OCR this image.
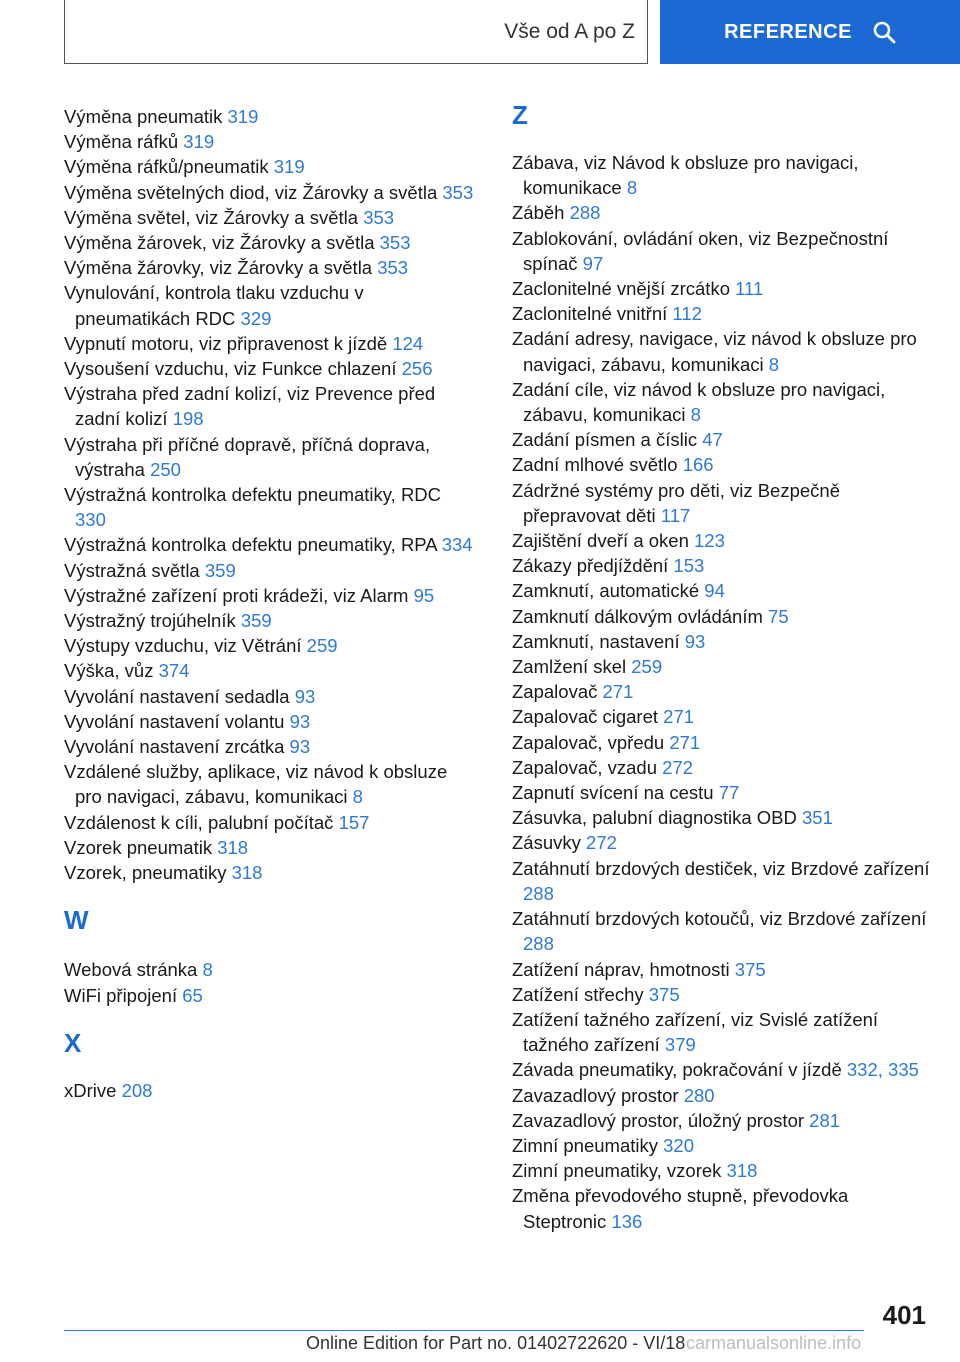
Vše od A po Z	REFERENCE
Výměna pneumatik 319
Výměna ráfků 319
Výměna ráfků/pneumatik 319
Výměna světelných diod, viz Žárovky a světla 353
Výměna světel, viz Žárovky a světla 353
Výměna žárovek, viz Žárovky a světla 353
Výměna žárovky, viz Žárovky a světla 353
Vynulování, kontrola tlaku vzduchu v pneumatikách RDC 329
Vypnutí motoru, viz připravenost k jízdě 124
Vysoušení vzduchu, viz Funkce chlazení 256
Výstraha před zadní kolizí, viz Prevence před zadní kolizí 198
Výstraha při příčné dopravě, příčná doprava, výstraha 250
Výstražná kontrolka defektu pneumatiky, RDC 330
Výstražná kontrolka defektu pneumatiky, RPA 334
Výstražná světla 359
Výstražné zařízení proti krádeži, viz Alarm 95
Výstražný trojúhelník 359
Výstupy vzduchu, viz Větrání 259
Výška, vůz 374
Vyvolání nastavení sedadla 93
Vyvolání nastavení volantu 93
Vyvolání nastavení zrcátka 93
Vzdálené služby, aplikace, viz návod k obsluze pro navigaci, zábavu, komunikaci 8
Vzdálenost k cíli, palubní počítač 157
Vzorek pneumatik 318
Vzorek, pneumatiky 318
W
Webová stránka 8
WiFi připojení 65
X
xDrive 208
Z
Zábava, viz Návod k obsluze pro navigaci, komunikace 8
Záběh 288
Zablokování, ovládání oken, viz Bezpečnostní spínač 97
Zaclonitelné vnější zrcátko 111
Zaclonitelné vnitřní 112
Zadání adresy, navigace, viz návod k obsluze pro navigaci, zábavu, komunikaci 8
Zadání cíle, viz návod k obsluze pro navigaci, zábavu, komunikaci 8
Zadání písmen a číslic 47
Zadní mlhové světlo 166
Zádržné systémy pro děti, viz Bezpečně přepravovat děti 117
Zajištění dveří a oken 123
Zákazy předjíždění 153
Zamknutí, automatické 94
Zamknutí dálkovým ovládáním 75
Zamknutí, nastavení 93
Zamlžení skel 259
Zapalovač 271
Zapalovač cigaret 271
Zapalovač, vpředu 271
Zapalovač, vzadu 272
Zapnutí svícení na cestu 77
Zásuvka, palubní diagnostika OBD 351
Zásuvky 272
Zatáhnutí brzdových destiček, viz Brzdové zařízení 288
Zatáhnutí brzdových kotoučů, viz Brzdové zařízení 288
Zatížení náprav, hmotnosti 375
Zatížení střechy 375
Zatížení tažného zařízení, viz Svislé zatížení tažného zařízení 379
Závada pneumatiky, pokračování v jízdě 332, 335
Zavazadlový prostor 280
Zavazadlový prostor, úložný prostor 281
Zimní pneumatiky 320
Zimní pneumatiky, vzorek 318
Změna převodového stupně, převodovka Steptronic 136
401
Online Edition for Part no. 01402722620 - VI/18 carmanualsonline.info
